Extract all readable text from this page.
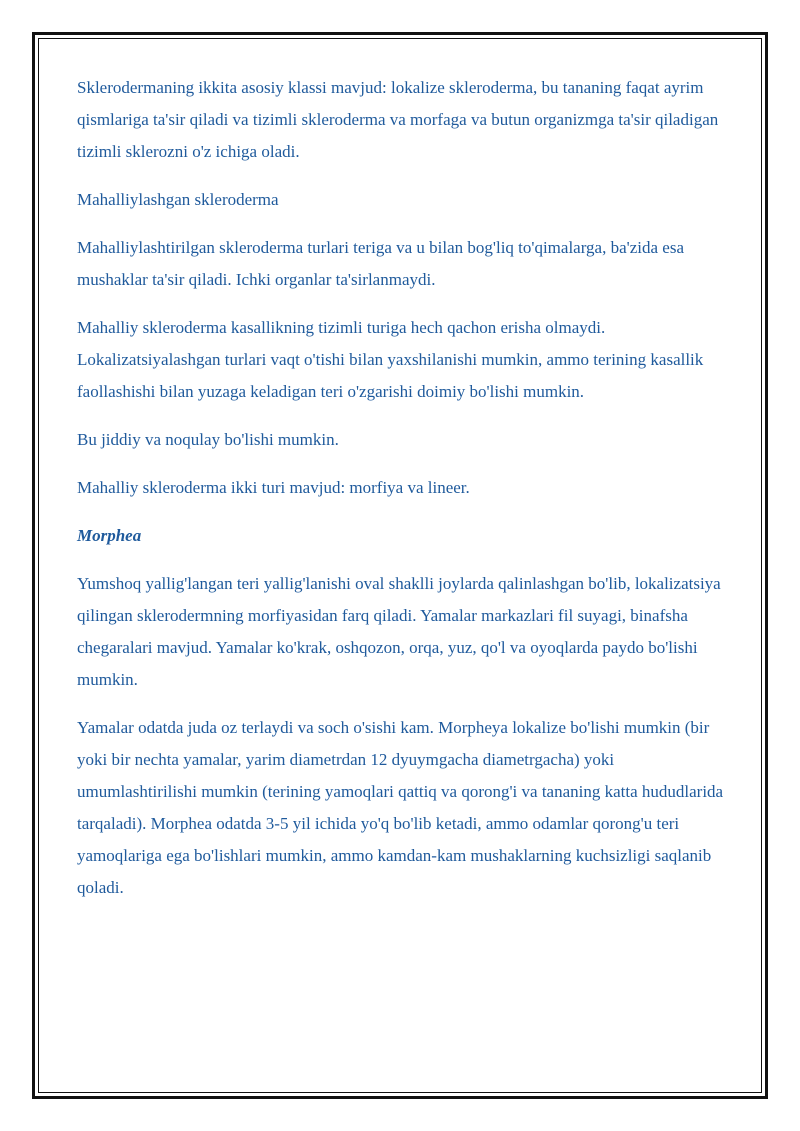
Sklerodermaning ikkita asosiy klassi mavjud: lokalize skleroderma, bu tananing faqat ayrim qismlariga ta'sir qiladi va tizimli skleroderma va morfaga va butun organizmga ta'sir qiladigan tizimli sklerozni o'z ichiga oladi.

Mahalliylashgan skleroderma

Mahalliylashtirilgan skleroderma turlari teriga va u bilan bog'liq to'qimalarga, ba'zida esa mushaklar ta'sir qiladi. Ichki organlar ta'sirlanmaydi.

Mahalliy skleroderma kasallikning tizimli turiga hech qachon erisha olmaydi. Lokalizatsiyalashgan turlari vaqt o'tishi bilan yaxshilanishi mumkin, ammo terining kasallik faollashishi bilan yuzaga keladigan teri o'zgarishi doimiy bo'lishi mumkin.

Bu jiddiy va noqulay bo'lishi mumkin.

Mahalliy skleroderma ikki turi mavjud: morfiya va lineer.

Morphea

Yumshoq yallig'langan teri yallig'lanishi oval shaklli joylarda qalinlashgan bo'lib, lokalizatsiya qilingan sklerodermning morfiyasidan farq qiladi. Yamalar markazlari fil suyagi, binafsha chegaralari mavjud. Yamalar ko'krak, oshqozon, orqa, yuz, qo'l va oyoqlarda paydo bo'lishi mumkin.

Yamalar odatda juda oz terlaydi va soch o'sishi kam. Morpheya lokalize bo'lishi mumkin (bir yoki bir nechta yamalar, yarim diametrdan 12 dyuymgacha diametrgacha) yoki umumlashtirilishi mumkin (terining yamoqlari qattiq va qorong'i va tananing katta hududlarida tarqaladi). Morphea odatda 3-5 yil ichida yo'q bo'lib ketadi, ammo odamlar qorong'u teri yamoqlariga ega bo'lishlari mumkin, ammo kamdan-kam mushaklarning kuchsizligi saqlanib qoladi.
